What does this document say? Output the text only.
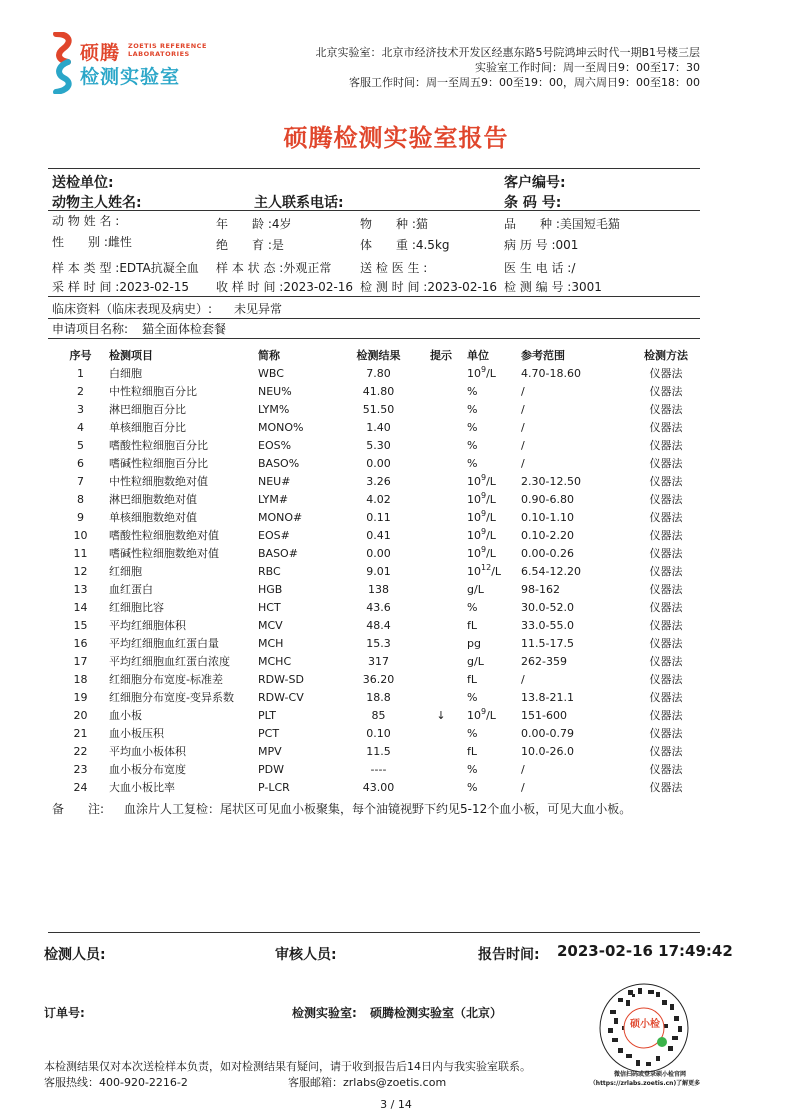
硕腾 ZOETIS REFERENCE
LABORATORIES
检测实验室
北京实验室：北京市经济技术开发区经惠东路5号院鸿坤云时代一期B1号楼三层
实验室工作时间：周一至周日9：00至17：30
客服工作时间：周一至周五9：00至19：00，周六周日9：00至18：00
硕腾检测实验室报告
送检单位:	客户编号:
动物主人姓名:	主人联系电话:	条 码 号:
动 物 姓 名 :	年　　龄 :4岁	物　　种 :猫	品　　种 :美国短毛猫
性　　别 :雌性	绝　　育 :是	体　　重 :4.5kg	病 历 号 :001
样 本 类 型 :EDTA抗凝全血 样 本 状 态 :外观正常 送 检 医 生 :	医 生 电 话 :/
采 样 时 间 :2023-02-15 收 样 时 间 :2023-02-16 检 测 时 间 :2023-02-16 检 测 编 号 :3001
临床资料（临床表现及病史）: 未见异常
申请项目名称: 猫全面体检套餐
序号	检测项目	简称	检测结果	提示	单位	参考范围	检测方法
1	白细胞	WBC	7.80		$10^9/L$	4.70-18.60	仪器法
2	中性粒细胞百分比	NEU%	41.80		%	/	仪器法
3	淋巴细胞百分比	LYM%	51.50		%	/	仪器法
4	单核细胞百分比	MONO%	1.40		%	/	仪器法
5	嗜酸性粒细胞百分比	EOS%	5.30		%	/	仪器法
6	嗜碱性粒细胞百分比	BASO%	0.00		%	/	仪器法
7	中性粒细胞数绝对值	NEU#	3.26		$10^9/L$	2.30-12.50	仪器法
8	淋巴细胞数绝对值	LYM#	4.02		$10^9/L$	0.90-6.80	仪器法
9	单核细胞数绝对值	MONO#	0.11		$10^9/L$	0.10-1.10	仪器法
10	嗜酸性粒细胞数绝对值	EOS#	0.41		$10^9/L$	0.10-2.20	仪器法
11	嗜碱性粒细胞数绝对值	BASO#	0.00		$10^9/L$	0.00-0.26	仪器法
12	红细胞	RBC	9.01		$10^{12}/L$	6.54-12.20	仪器法
13	血红蛋白	HGB	138		g/L	98-162	仪器法
14	红细胞比容	HCT	43.6		%	30.0-52.0	仪器法
15	平均红细胞体积	MCV	48.4		fL	33.0-55.0	仪器法
16	平均红细胞血红蛋白量	MCH	15.3		pg	11.5-17.5	仪器法
17	平均红细胞血红蛋白浓度	MCHC	317		g/L	262-359	仪器法
18	红细胞分布宽度-标准差	RDW-SD	36.20		fL	/	仪器法
19	红细胞分布宽度-变异系数	RDW-CV	18.8		%	13.8-21.1	仪器法
20	血小板	PLT	85	↓	$10^9/L$	151-600	仪器法
21	血小板压积	PCT	0.10		%	0.00-0.79	仪器法
22	平均血小板体积	MPV	11.5		fL	10.0-26.0	仪器法
23	血小板分布宽度	PDW	----		%	/	仪器法
24	大血小板比率	P-LCR	43.00		%	/	仪器法
备　　注: 血涂片人工复检：尾状区可见血小板聚集，每个油镜视野下约见5-12个血小板，可见大血小板。
检测人员:	审核人员:	报告时间: 2023-02-16 17:49:42
订单号:	检测实验室: 硕腾检测实验室（北京）
硕小检
微信扫码或登录硕小检官网
（https://zrlabs.zoetis.cn)了解更多
本检测结果仅对本次送检样本负责，如对检测结果有疑问，请于收到报告后14日内与我实验室联系。
客服热线：400-920-2216-2	客服邮箱：zrlabs@zoetis.com
3 / 14
